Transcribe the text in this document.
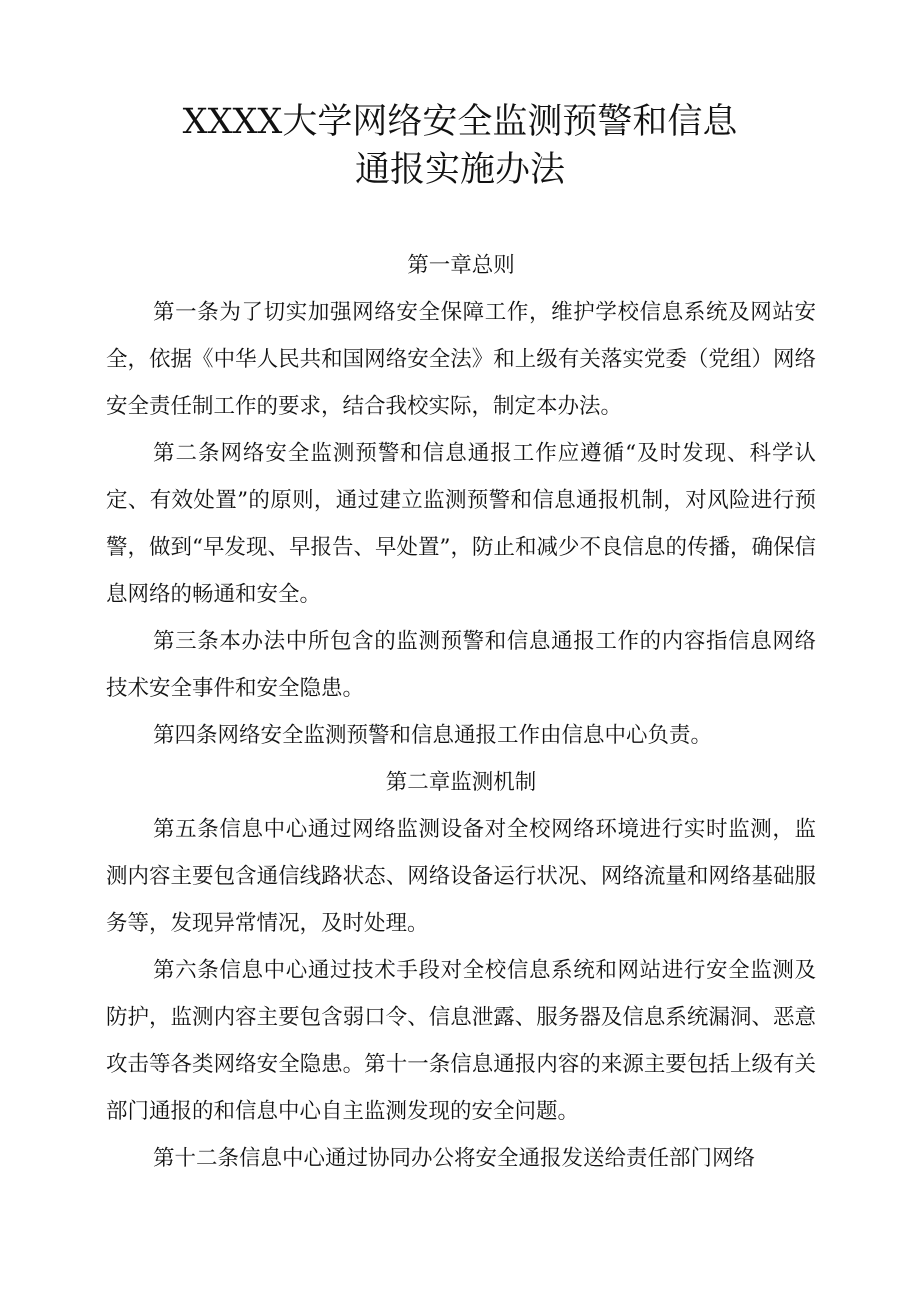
XXXX大学网络安全监测预警和信息
通报实施办法

第一章总则

第一条为了切实加强网络安全保障工作，维护学校信息系统及网站安全，依据《中华人民共和国网络安全法》和上级有关落实党委（党组）网络安全责任制工作的要求，结合我校实际，制定本办法。

第二条网络安全监测预警和信息通报工作应遵循“及时发现、科学认定、有效处置”的原则，通过建立监测预警和信息通报机制，对风险进行预警，做到“早发现、早报告、早处置”，防止和减少不良信息的传播，确保信息网络的畅通和安全。

第三条本办法中所包含的监测预警和信息通报工作的内容指信息网络技术安全事件和安全隐患。

第四条网络安全监测预警和信息通报工作由信息中心负责。

第二章监测机制

第五条信息中心通过网络监测设备对全校网络环境进行实时监测，监测内容主要包含通信线路状态、网络设备运行状况、网络流量和网络基础服务等，发现异常情况，及时处理。

第六条信息中心通过技术手段对全校信息系统和网站进行安全监测及防护，监测内容主要包含弱口令、信息泄露、服务器及信息系统漏洞、恶意攻击等各类网络安全隐患。第十一条信息通报内容的来源主要包括上级有关部门通报的和信息中心自主监测发现的安全问题。

第十二条信息中心通过协同办公将安全通报发送给责任部门网络
